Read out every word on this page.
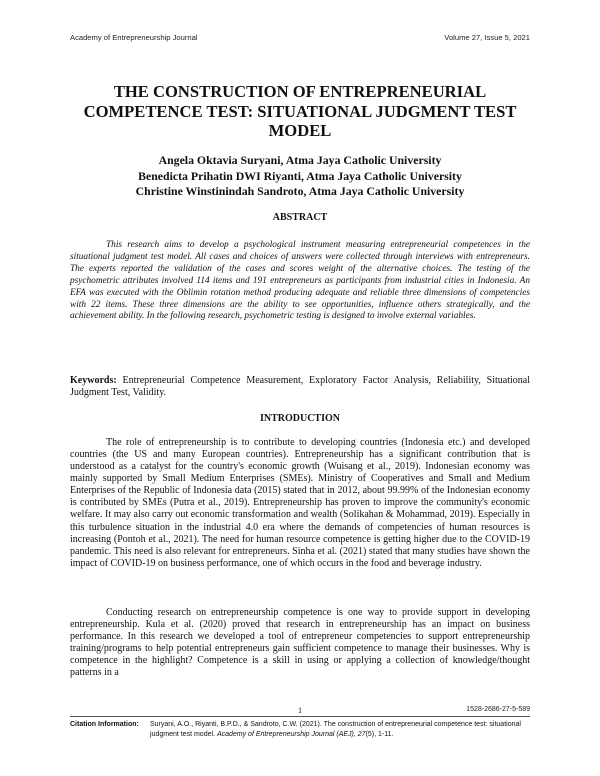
Academy of Entrepreneurship Journal	Volume 27, Issue 5, 2021
THE CONSTRUCTION OF ENTREPRENEURIAL COMPETENCE TEST: SITUATIONAL JUDGMENT TEST MODEL
Angela Oktavia Suryani, Atma Jaya Catholic University
Benedicta Prihatin DWI Riyanti, Atma Jaya Catholic University
Christine Winstinindah Sandroto, Atma Jaya Catholic University
ABSTRACT

This research aims to develop a psychological instrument measuring entrepreneurial competences in the situational judgment test model. All cases and choices of answers were collected through interviews with entrepreneurs. The experts reported the validation of the cases and scores weight of the alternative choices. The testing of the psychometric attributes involved 114 items and 191 entrepreneurs as participants from industrial cities in Indonesia. An EFA was executed with the Oblimin rotation method producing adequate and reliable three dimensions of competencies with 22 items. These three dimensions are the ability to see opportunities, influence others strategically, and the achievement ability. In the following research, psychometric testing is designed to involve external variables.

Keywords: Entrepreneurial Competence Measurement, Exploratory Factor Analysis, Reliability, Situational Judgment Test, Validity.

INTRODUCTION

The role of entrepreneurship is to contribute to developing countries (Indonesia etc.) and developed countries (the US and many European countries). Entrepreneurship has a significant contribution that is understood as a catalyst for the country's economic growth (Wuisang et al., 2019). Indonesian economy was mainly supported by Small Medium Enterprises (SMEs). Ministry of Cooperatives and Small and Medium Enterprises of the Republic of Indonesia data (2015) stated that in 2012, about 99.99% of the Indonesian economy is contributed by SMEs (Putra et al., 2019). Entrepreneurship has proven to improve the community's economic welfare. It may also carry out economic transformation and wealth (Solikahan & Mohammad, 2019). Especially in this turbulence situation in the industrial 4.0 era where the demands of competencies of human resources is increasing (Pontoh et al., 2021). The need for human resource competence is getting higher due to the COVID-19 pandemic. This need is also relevant for entrepreneurs. Sinha et al. (2021) stated that many studies have shown the impact of COVID-19 on business performance, one of which occurs in the food and beverage industry.

Conducting research on entrepreneurship competence is one way to provide support in developing entrepreneurship. Kula et al. (2020) proved that research in entrepreneurship has an impact on business performance. In this research we developed a tool of entrepreneur competencies to support entrepreneurship training/programs to help potential entrepreneurs gain sufficient competence to manage their businesses. Why is competence in the highlight? Competence is a skill in using or applying a collection of knowledge/thought patterns in a

1	1528-2686-27-5-589
Citation Information:	Suryani, A.O., Riyanti, B.P.D., & Sandroto, C.W. (2021). The construction of entrepreneurial competence test: situational judgment test model. Academy of Entrepreneurship Journal (AEJ), 27(5), 1-11.
